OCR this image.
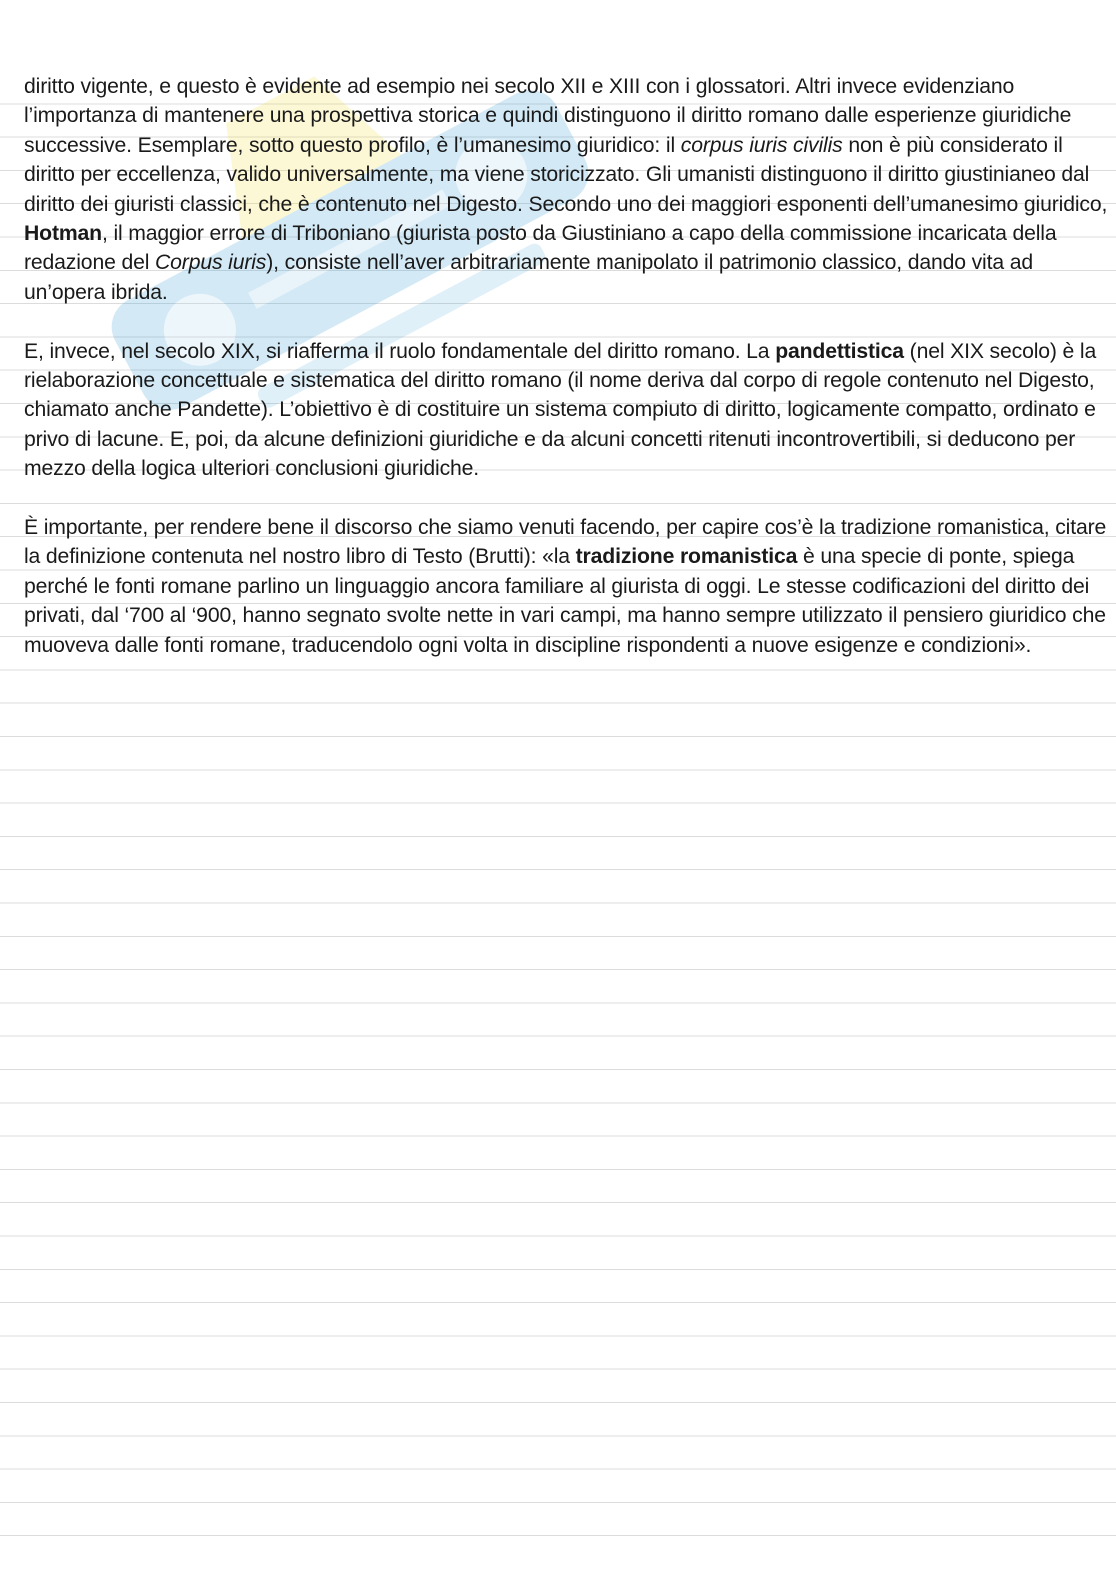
diritto vigente, e questo è evidente ad esempio nei secolo XII e XIII con i glossatori. Altri invece evidenziano l’importanza di mantenere una prospettiva storica e quindi distinguono il diritto romano dalle esperienze giuridiche successive. Esemplare, sotto questo profilo, è l’umanesimo giuridico: il corpus iuris civilis non è più considerato il diritto per eccellenza, valido universalmente, ma viene storicizzato. Gli umanisti distinguono il diritto giustinianeo dal diritto dei giuristi classici, che è contenuto nel Digesto. Secondo uno dei maggiori esponenti dell’umanesimo giuridico, Hotman, il maggior errore di Triboniano (giurista posto da Giustiniano a capo della commissione incaricata della redazione del Corpus iuris), consiste nell’aver arbitrariamente manipolato il patrimonio classico, dando vita ad un’opera ibrida.

E, invece, nel secolo XIX, si riafferma il ruolo fondamentale del diritto romano. La pandettistica (nel XIX secolo) è la rielaborazione concettuale e sistematica del diritto romano (il nome deriva dal corpo di regole contenuto nel Digesto, chiamato anche Pandette). L’obiettivo è di costituire un sistema compiuto di diritto, logicamente compatto, ordinato e privo di lacune. E, poi, da alcune definizioni giuridiche e da alcuni concetti ritenuti incontrovertibili, si deducono per mezzo della logica ulteriori conclusioni giuridiche.

È importante, per rendere bene il discorso che siamo venuti facendo, per capire cos’è la tradizione romanistica, citare la definizione contenuta nel nostro libro di Testo (Brutti): «la tradizione romanistica è una specie di ponte, spiega perché le fonti romane parlino un linguaggio ancora familiare al giurista di oggi. Le stesse codificazioni del diritto dei privati, dal ‘700 al ‘900, hanno segnato svolte nette in vari campi, ma hanno sempre utilizzato il pensiero giuridico che muoveva dalle fonti romane, traducendolo ogni volta in discipline rispondenti a nuove esigenze e condizioni».
